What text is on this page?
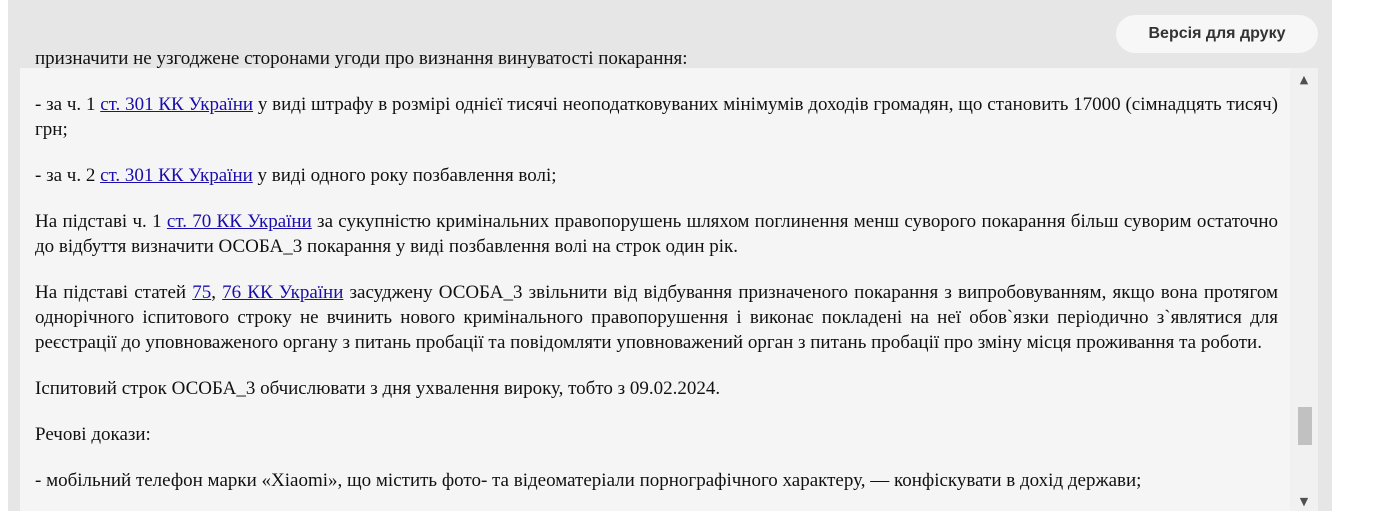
Версія для друку

призначити не узгоджене сторонами угоди про визнання винуватості покарання:

- за ч. 1 ст. 301 КК України у виді штрафу в розмірі однієї тисячі неоподатковуваних мінімумів доходів громадян, що становить 17000 (сімнадцять тисяч) грн;

- за ч. 2 ст. 301 КК України у виді одного року позбавлення волі;

На підставі ч. 1 ст. 70 КК України за сукупністю кримінальних правопорушень шляхом поглинення менш суворого покарання більш суворим остаточно до відбуття визначити ОСОБА_3 покарання у виді позбавлення волі на строк один рік.

На підставі статей 75, 76 КК України засуджену ОСОБА_3 звільнити від відбування призначеного покарання з випробовуванням, якщо вона протягом однорічного іспитового строку не вчинить нового кримінального правопорушення і виконає покладені на неї обов`язки періодично з`являтися для реєстрації до уповноваженого органу з питань пробації та повідомляти уповноважений орган з питань пробації про зміну місця проживання та роботи.

Іспитовий строк ОСОБА_3 обчислювати з дня ухвалення вироку, тобто з 09.02.2024.

Речові докази:

- мобільний телефон марки «Xiaomi», що містить фото- та відеоматеріали порнографічного характеру, — конфіскувати в дохід держави;

▲
▼
